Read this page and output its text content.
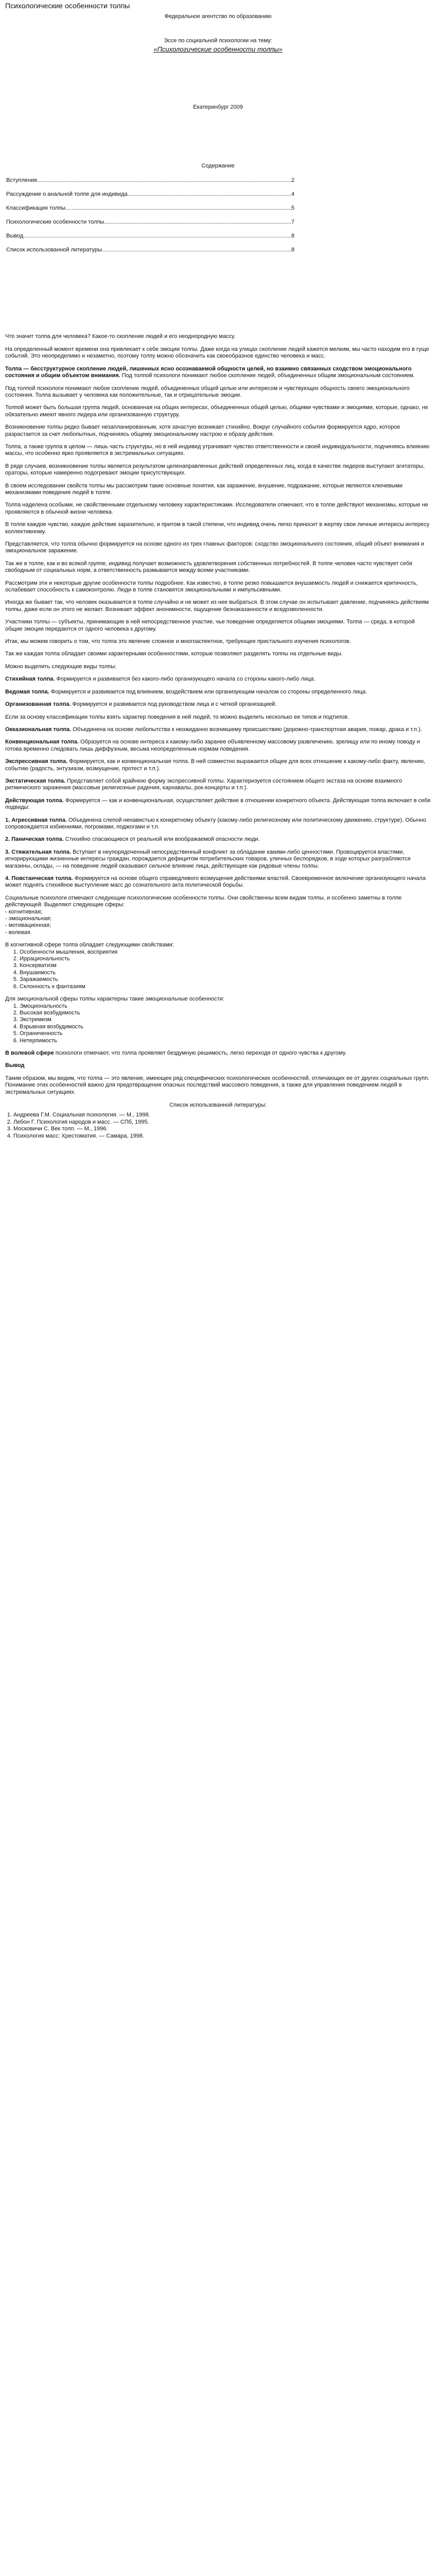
Психологические особенности толпы
Федеральное агентство по образованию
Эссе по социальной психологии на тему:
«Психологические особенности толпы»
Екатеринбург 2009
Содержание
Вступление .....	2
Рассуждение о анальной толпе для индивида .....	4
Классификация толпы .....	5
Психологические особенности толпы .....	7
Вывод .....	8
Список использованной литературы .....	8

Что значит толпа для человека? Какое-то скопление людей и его неоднородную массу.

На определенный момент времени она привлекает к себе эмоции толпы. Даже когда на улицах скопление людей кажется мелким, мы часто находим его в гуще событий. Это неопределимо и незаметно, поэтому толпу можно обозначить как своеобразное единство человека и масс.

Толпа — бесструктурное скопление людей, лишенных ясно осознаваемой общности целей, но взаимно связанных сходством эмоционального состояния и общим объектом внимания. Под толпой психологи понимают любое скопление людей, объединенных общим эмоциональным состоянием.

Под толпой психологи понимают любое скопление людей, объединенных общей целью или интересом и чувствующих общность своего эмоционального состояния. Толпа вызывает у человека как положительные, так и отрицательные эмоции.

Толпой может быть большая группа людей, основанная на общих интересах, объединенных общей целью, общими чувствами и эмоциями, которые, однако, не обязательно имеют явного лидера или организованную структуру.

Возникновение толпы редко бывает незапланированным, хотя зачастую возникает стихийно. Вокруг случайного события формируется ядро, которое разрастается за счет любопытных, подчиняясь общему эмоциональному настрою и образу действия.

Толпа, а также группа в целом — лишь часть структуры, но в ней индивид утрачивает чувство ответственности и своей индивидуальности, подчиняясь влиянию массы, что особенно ярко проявляется в экстремальных ситуациях.

В ряде случаев, возникновение толпы является результатом целенаправленных действий определенных лиц, когда в качестве лидеров выступают агитаторы, ораторы, которые намеренно подогревают эмоции присутствующих.

В своем исследовании свойств толпы мы рассмотрим такие основные понятия, как заражение, внушение, подражание, которые являются ключевыми механизмами поведения людей в толпе.

Толпа наделена особыми, не свойственными отдельному человеку характеристиками. Исследователи отмечают, что в толпе действуют механизмы, которые не проявляются в обычной жизни человека.

В толпе каждое чувство, каждое действие заразительно, и притом в такой степени, что индивид очень легко приносит в жертву свои личные интересы интересу коллективному.

Представляется, что толпа обычно формируется на основе одного из трех главных факторов: сходство эмоционального состояния, общий объект внимания и эмоциональное заражение.

Так же в толпе, как и во всякой группе, индивид получает возможность удовлетворения собственных потребностей. В толпе человек часто чувствует себя свободным от социальных норм, а ответственность размывается между всеми участниками.

Рассмотрим эти и некоторые другие особенности толпы подробнее. Как известно, в толпе резко повышается внушаемость людей и снижается критичность, ослабевает способность к самоконтролю. Люди в толпе становятся эмоциональными и импульсивными.

Иногда же бывает так, что человек оказывается в толпе случайно и не может из нее выбраться. В этом случае он испытывает давление, подчиняясь действиям толпы, даже если он этого не желает. Возникает эффект анонимности, ощущение безнаказанности и вседозволенности.

Участники толпы — субъекты, принимающие в ней непосредственное участие, чье поведение определяется общими эмоциями. Толпа — среда, в которой общие эмоции передаются от одного человека к другому.

Итак, мы можем говорить о том, что толпа это явление сложное и многоаспектное, требующее пристального изучения психологов.

Так же каждая толпа обладает своими характерными особенностями, которые позволяют разделять толпы на отдельные виды.

Можно выделить следующие виды толпы:

Стихийная толпа. Формируется и развивается без какого-либо организующего начала со стороны какого-либо лица.

Ведомая толпа. Формируется и развивается под влиянием, воздействием или организующим началом со стороны определенного лица.

Организованная толпа. Формируется и развивается под руководством лица и с четкой организацией.

Если за основу классификации толпы взять характер поведения в ней людей, то можно выделить несколько ее типов и подтипов.

Окказиональная толпа. Объединена на основе любопытства к неожиданно возникшему происшествию (дорожно-транспортная авария, пожар, драка и т.п.).

Конвенциональная толпа. Образуется на основе интереса к какому-либо заранее объявленному массовому развлечению, зрелищу или по иному поводу и готова временно следовать лишь диффузным, весьма неопределенным нормам поведения.

Экспрессивная толпа. Формируется, как и конвенциональная толпа. В ней совместно выражается общее для всех отношение к какому-либо факту, явлению, событию (радость, энтузиазм, возмущение, протест и т.п.).

Экстатическая толпа. Представляет собой крайнюю форму экспрессивной толпы. Характеризуется состоянием общего экстаза на основе взаимного ритмического заражения (массовые религиозные радения, карнавалы, рок-концерты и т.п.).

Действующая толпа. Формируется — как и конвенциональная, осуществляет действие в отношении конкретного объекта. Действующая толпа включает в себя подвиды:

1. Агрессивная толпа. Объединена слепой ненавистью к конкретному объекту (какому-либо религиозному или политическому движению, структуре). Обычно сопровождается избиениями, погромами, поджогами и т.п.

2. Паническая толпа. Стихийно спасающиеся от реальной или воображаемой опасности люди.

3. Стяжательная толпа. Вступает в неупорядоченный непосредственный конфликт за обладание какими-либо ценностями. Провоцируется властями, игнорирующими жизненные интересы граждан, порождается дефицитом потребительских товаров, уличных беспорядков, в ходе которых разграбляются магазины, склады, — на поведение людей оказывают сильное влияние лица, действующие как рядовые члены толпы.

4. Повстанческая толпа. Формируется на основе общего справедливого возмущения действиями властей. Своевременное включение организующего начала может поднять стихийное выступление масс до сознательного акта политической борьбы.

Социальные психологи отмечают следующие психологические особенности толпы. Они свойственны всем видам толпы, и особенно заметны в толпе действующей. Выделяют следующие сферы:

- когнитивная;
- эмоциональная;
- мотивационная;
- волевая.

В когнитивной сфере толпа обладает следующими свойствами:

1. Особенности мышления, восприятия
2. Иррациональность
3. Консерватизм
4. Внушаемость
5. Заражаемость
6. Склонность к фантазиям

Для эмоциональной сферы толпы характерны такие эмоциональные особенности:

1. Эмоциональность
2. Высокая возбудимость
3. Экстремизм
4. Взрывная возбудимость
5. Ограниченность
6. Нетерпимость

В волевой сфере психологи отмечают, что толпа проявляет бездумную решимость, легко переходя от одного чувства к другому.

Вывод

Таким образом, мы видим, что толпа — это явление, имеющее ряд специфических психологических особенностей, отличающих ее от других социальных групп. Понимание этих особенностей важно для предотвращения опасных последствий массового поведения, а также для управления поведением людей в экстремальных ситуациях.

Список использованной литературы:
1. Андреева Г.М. Социальная психология. — М., 1998.
2. Лебон Г. Психология народов и масс. — СПб, 1995.
3. Московичи С. Век толп. — М., 1996.
4. Психология масс: Хрестоматия. — Самара, 1998.
